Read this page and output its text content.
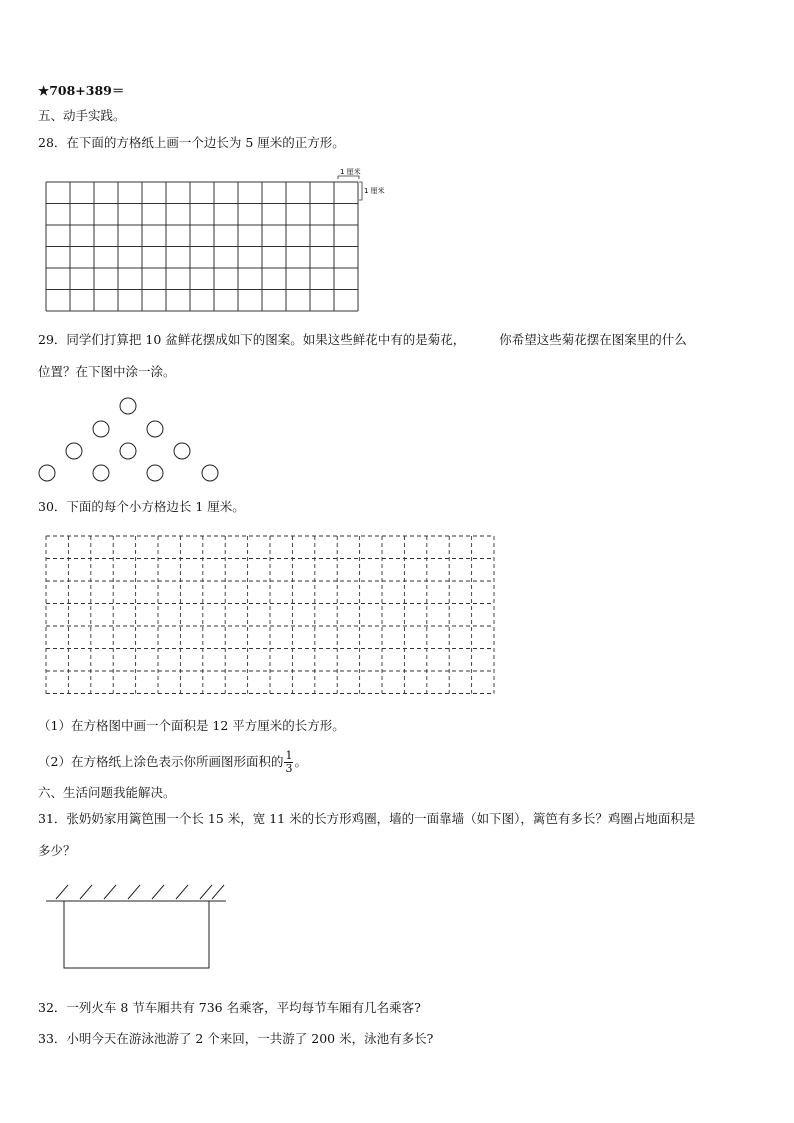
★708+389＝
五、动手实践。
28．在下面的方格纸上画一个边长为 5 厘米的正方形。
1 厘米
1 厘米
29．同学们打算把 10 盆鲜花摆成如下的图案。如果这些鲜花中有的是菊花，	你希望这些菊花摆在图案里的什么
位置？在下图中涂一涂。
30．下面的每个小方格边长 1 厘米。
（1）在方格图中画一个面积是 12 平方厘米的长方形。
（2）在方格纸上涂色表示你所画图形面积的 $\frac{1}{3}$ 。
六、生活问题我能解决。
31．张奶奶家用篱笆围一个长 15 米，宽 11 米的长方形鸡圈，墙的一面靠墙（如下图），篱笆有多长？鸡圈占地面积是
多少？
32．一列火车 8 节车厢共有 736 名乘客，平均每节车厢有几名乘客?
33．小明今天在游泳池游了 2 个来回，一共游了 200 米，泳池有多长?
